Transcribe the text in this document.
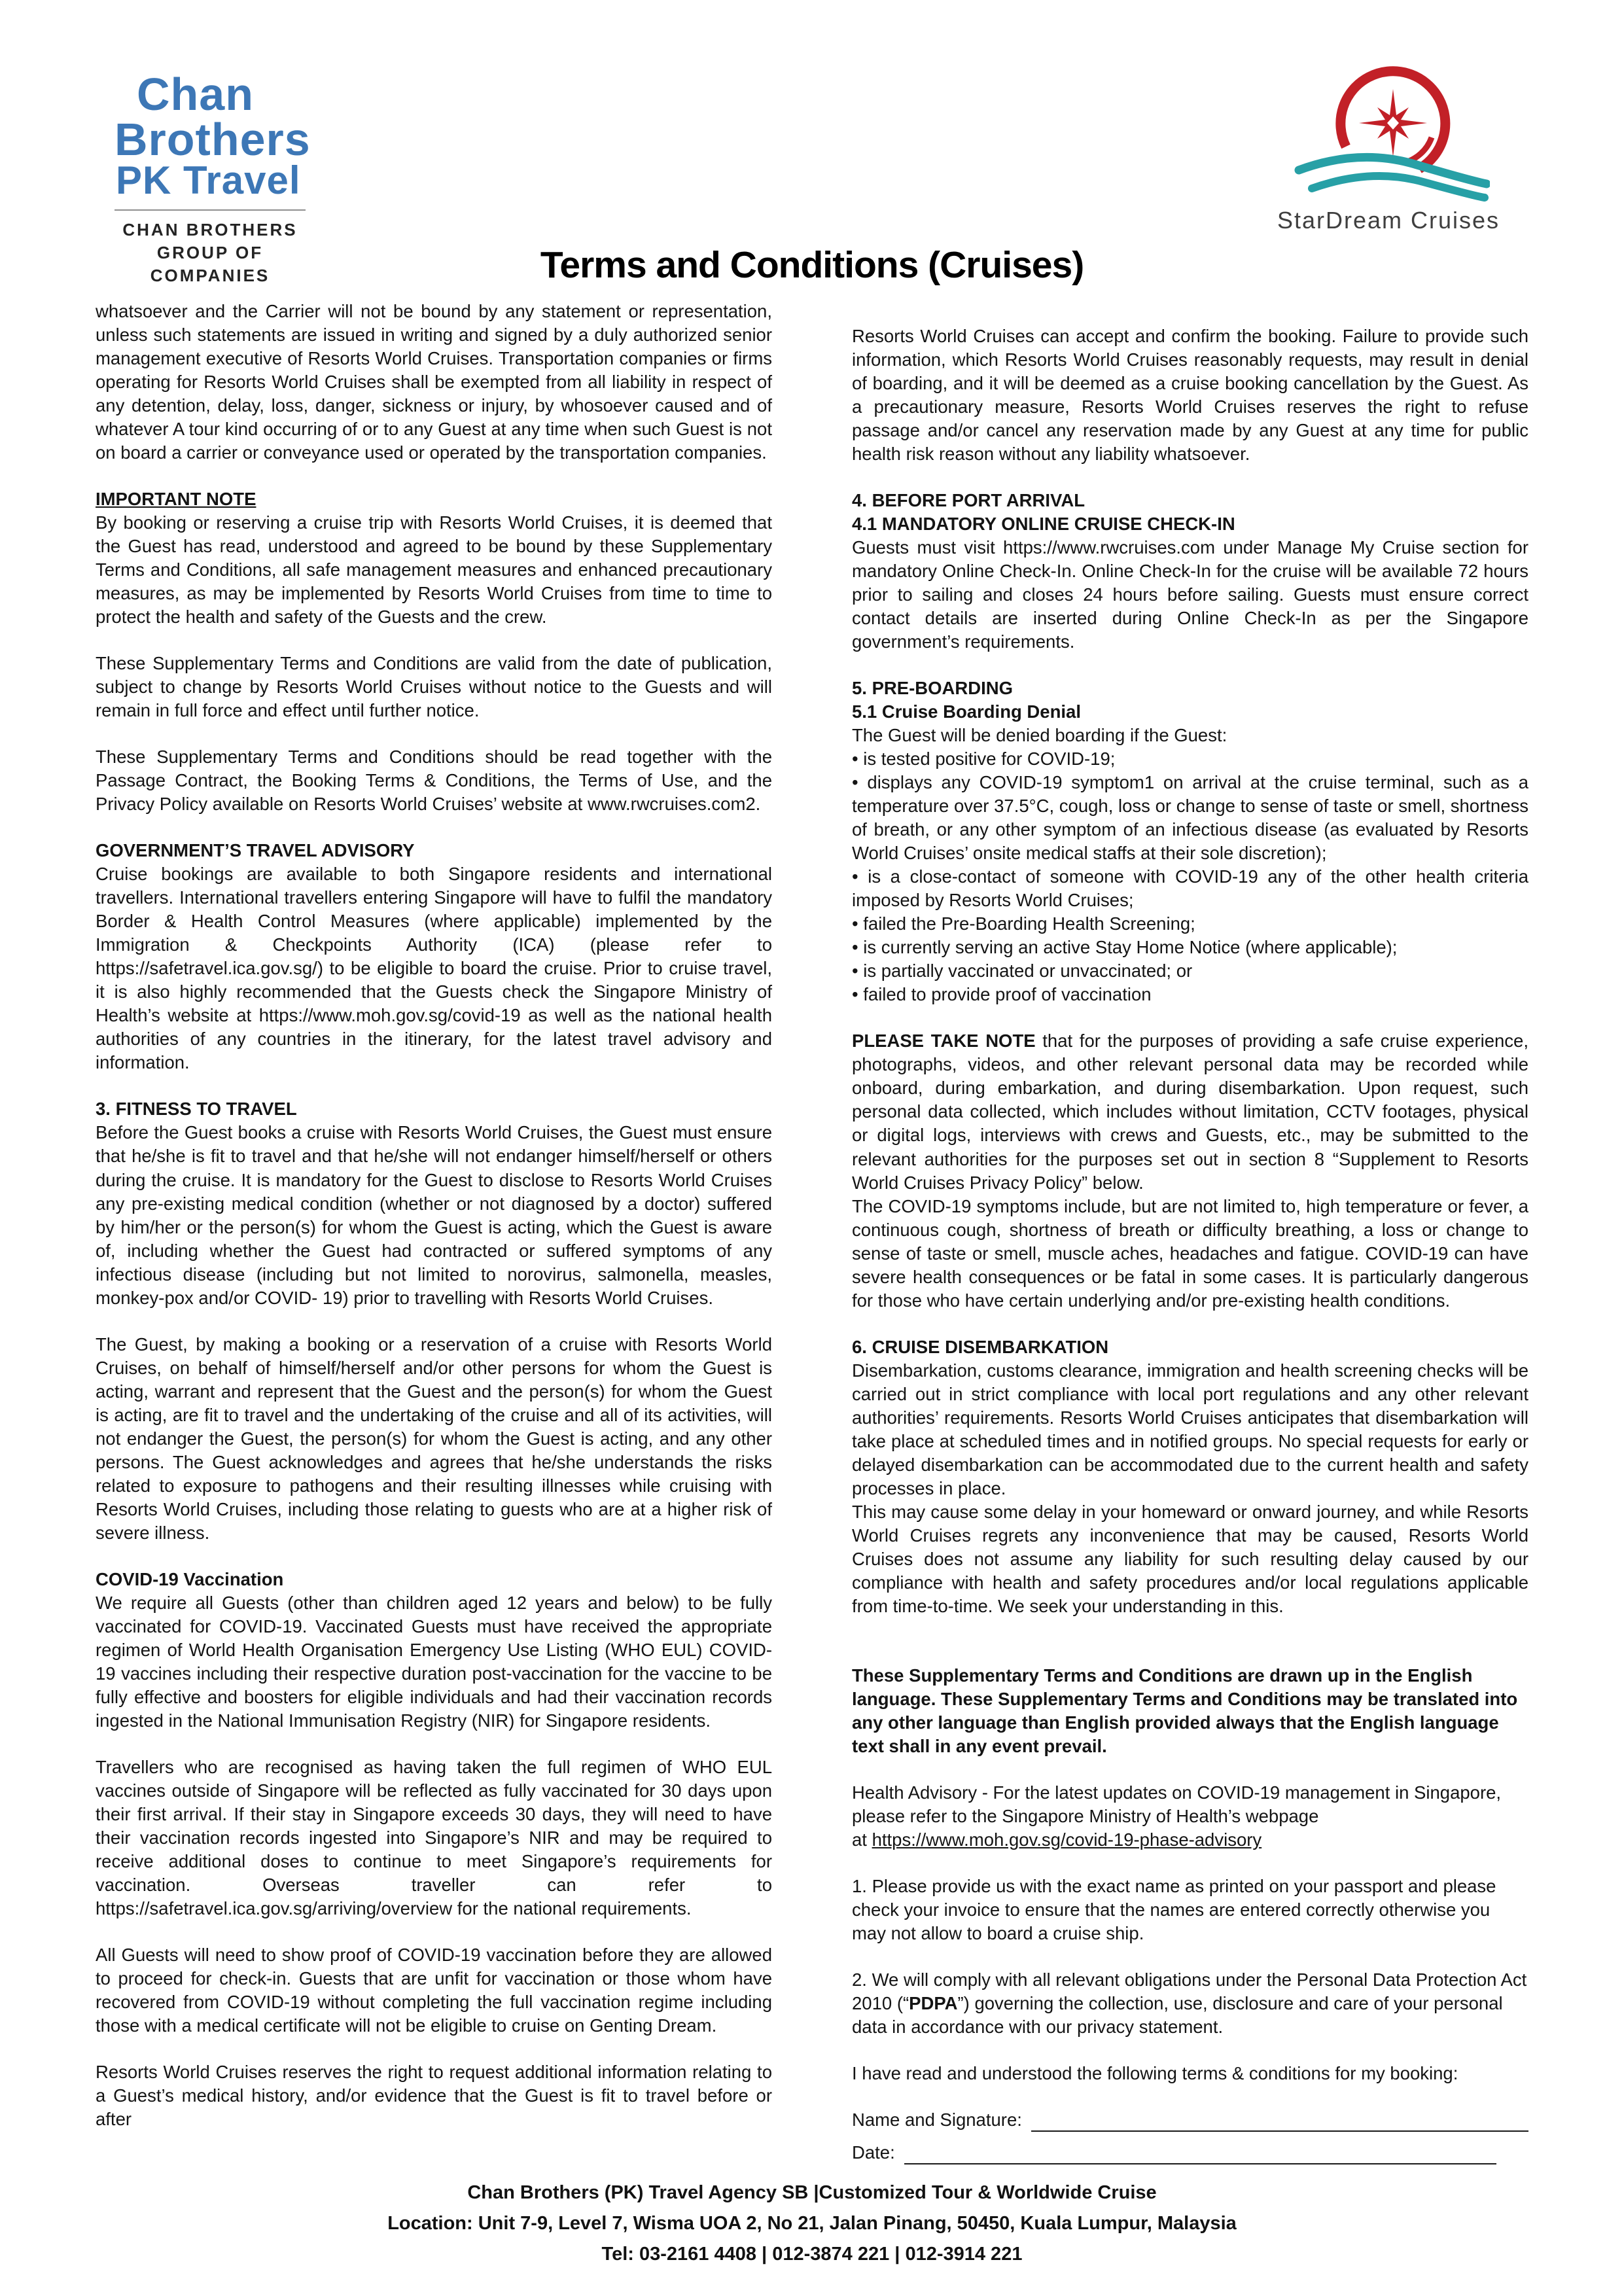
Chan
Brothers
PK Travel
CHAN BROTHERS
GROUP OF COMPANIES
StarDream Cruises
Terms and Conditions (Cruises)

whatsoever and the Carrier will not be bound by any statement or representation, unless such statements are issued in writing and signed by a duly authorized senior management executive of Resorts World Cruises. Transportation companies or firms operating for Resorts World Cruises shall be exempted from all liability in respect of any detention, delay, loss, danger, sickness or injury, by whosoever caused and of whatever A tour kind occurring of or to any Guest at any time when such Guest is not on board a carrier or conveyance used or operated by the transportation companies.

IMPORTANT NOTE

By booking or reserving a cruise trip with Resorts World Cruises, it is deemed that the Guest has read, understood and agreed to be bound by these Supplementary Terms and Conditions, all safe management measures and enhanced precautionary measures, as may be implemented by Resorts World Cruises from time to time to protect the health and safety of the Guests and the crew.

These Supplementary Terms and Conditions are valid from the date of publication, subject to change by Resorts World Cruises without notice to the Guests and will remain in full force and effect until further notice.

These Supplementary Terms and Conditions should be read together with the Passage Contract, the Booking Terms & Conditions, the Terms of Use, and the Privacy Policy available on Resorts World Cruises’ website at www.rwcruises.com2.

GOVERNMENT’S TRAVEL ADVISORY

Cruise bookings are available to both Singapore residents and international travellers. International travellers entering Singapore will have to fulfil the mandatory Border & Health Control Measures (where applicable) implemented by the Immigration & Checkpoints Authority (ICA) (please refer to https://safetravel.ica.gov.sg/) to be eligible to board the cruise. Prior to cruise travel, it is also highly recommended that the Guests check the Singapore Ministry of Health’s website at https://www.moh.gov.sg/covid-19 as well as the national health authorities of any countries in the itinerary, for the latest travel advisory and information.

3. FITNESS TO TRAVEL

Before the Guest books a cruise with Resorts World Cruises, the Guest must ensure that he/she is fit to travel and that he/she will not endanger himself/herself or others during the cruise. It is mandatory for the Guest to disclose to Resorts World Cruises any pre-existing medical condition (whether or not diagnosed by a doctor) suffered by him/her or the person(s) for whom the Guest is acting, which the Guest is aware of, including whether the Guest had contracted or suffered symptoms of any infectious disease (including but not limited to norovirus, salmonella, measles, monkey-pox and/or COVID- 19) prior to travelling with Resorts World Cruises.

The Guest, by making a booking or a reservation of a cruise with Resorts World Cruises, on behalf of himself/herself and/or other persons for whom the Guest is acting, warrant and represent that the Guest and the person(s) for whom the Guest is acting, are fit to travel and the undertaking of the cruise and all of its activities, will not endanger the Guest, the person(s) for whom the Guest is acting, and any other persons. The Guest acknowledges and agrees that he/she understands the risks related to exposure to pathogens and their resulting illnesses while cruising with Resorts World Cruises, including those relating to guests who are at a higher risk of severe illness.

COVID-19 Vaccination

We require all Guests (other than children aged 12 years and below) to be fully vaccinated for COVID-19. Vaccinated Guests must have received the appropriate regimen of World Health Organisation Emergency Use Listing (WHO EUL) COVID-19 vaccines including their respective duration post-vaccination for the vaccine to be fully effective and boosters for eligible individuals and had their vaccination records ingested in the National Immunisation Registry (NIR) for Singapore residents.

Travellers who are recognised as having taken the full regimen of WHO EUL vaccines outside of Singapore will be reflected as fully vaccinated for 30 days upon their first arrival. If their stay in Singapore exceeds 30 days, they will need to have their vaccination records ingested into Singapore’s NIR and may be required to receive additional doses to continue to meet Singapore’s requirements for vaccination. Overseas traveller can refer to https://safetravel.ica.gov.sg/arriving/overview for the national requirements.

All Guests will need to show proof of COVID-19 vaccination before they are allowed to proceed for check-in. Guests that are unfit for vaccination or those whom have recovered from COVID-19 without completing the full vaccination regime including those with a medical certificate will not be eligible to cruise on Genting Dream.

Resorts World Cruises reserves the right to request additional information relating to a Guest’s medical history, and/or evidence that the Guest is fit to travel before or after

Resorts World Cruises can accept and confirm the booking. Failure to provide such information, which Resorts World Cruises reasonably requests, may result in denial of boarding, and it will be deemed as a cruise booking cancellation by the Guest. As a precautionary measure, Resorts World Cruises reserves the right to refuse passage and/or cancel any reservation made by any Guest at any time for public health risk reason without any liability whatsoever.

4. BEFORE PORT ARRIVAL

4.1 MANDATORY ONLINE CRUISE CHECK-IN

Guests must visit https://www.rwcruises.com under Manage My Cruise section for mandatory Online Check-In. Online Check-In for the cruise will be available 72 hours prior to sailing and closes 24 hours before sailing. Guests must ensure correct contact details are inserted during Online Check-In as per the Singapore government’s requirements.

5. PRE-BOARDING

5.1 Cruise Boarding Denial

The Guest will be denied boarding if the Guest:

• is tested positive for COVID-19;

• displays any COVID-19 symptom1 on arrival at the cruise terminal, such as a temperature over 37.5°C, cough, loss or change to sense of taste or smell, shortness of breath, or any other symptom of an infectious disease (as evaluated by Resorts World Cruises’ onsite medical staffs at their sole discretion);

• is a close-contact of someone with COVID-19 any of the other health criteria imposed by Resorts World Cruises;

• failed the Pre-Boarding Health Screening;

• is currently serving an active Stay Home Notice (where applicable);

• is partially vaccinated or unvaccinated; or

• failed to provide proof of vaccination

PLEASE TAKE NOTE that for the purposes of providing a safe cruise experience, photographs, videos, and other relevant personal data may be recorded while onboard, during embarkation, and during disembarkation. Upon request, such personal data collected, which includes without limitation, CCTV footages, physical or digital logs, interviews with crews and Guests, etc., may be submitted to the relevant authorities for the purposes set out in section 8 “Supplement to Resorts World Cruises Privacy Policy” below.

The COVID-19 symptoms include, but are not limited to, high temperature or fever, a continuous cough, shortness of breath or difficulty breathing, a loss or change to sense of taste or smell, muscle aches, headaches and fatigue. COVID-19 can have severe health consequences or be fatal in some cases. It is particularly dangerous for those who have certain underlying and/or pre-existing health conditions.

6. CRUISE DISEMBARKATION

Disembarkation, customs clearance, immigration and health screening checks will be carried out in strict compliance with local port regulations and any other relevant authorities’ requirements. Resorts World Cruises anticipates that disembarkation will take place at scheduled times and in notified groups. No special requests for early or delayed disembarkation can be accommodated due to the current health and safety processes in place.

This may cause some delay in your homeward or onward journey, and while Resorts World Cruises regrets any inconvenience that may be caused, Resorts World Cruises does not assume any liability for such resulting delay caused by our compliance with health and safety procedures and/or local regulations applicable from time-to-time. We seek your understanding in this.

These Supplementary Terms and Conditions are drawn up in the English language. These Supplementary Terms and Conditions may be translated into any other language than English provided always that the English language text shall in any event prevail.

Health Advisory - For the latest updates on COVID-19 management in Singapore,

please refer to the Singapore Ministry of Health’s webpage

at https://www.moh.gov.sg/covid-19-phase-advisory

1. Please provide us with the exact name as printed on your passport and please check your invoice to ensure that the names are entered correctly otherwise you may not allow to board a cruise ship.

2. We will comply with all relevant obligations under the Personal Data Protection Act 2010 (“PDPA”) governing the collection, use, disclosure and care of your personal data in accordance with our privacy statement.

I have read and understood the following terms & conditions for my booking:

Name and Signature:
Date:
Chan Brothers (PK) Travel Agency SB |Customized Tour & Worldwide Cruise
Location: Unit 7-9, Level 7, Wisma UOA 2, No 21, Jalan Pinang, 50450, Kuala Lumpur, Malaysia
Tel: 03-2161 4408 | 012-3874 221 | 012-3914 221
